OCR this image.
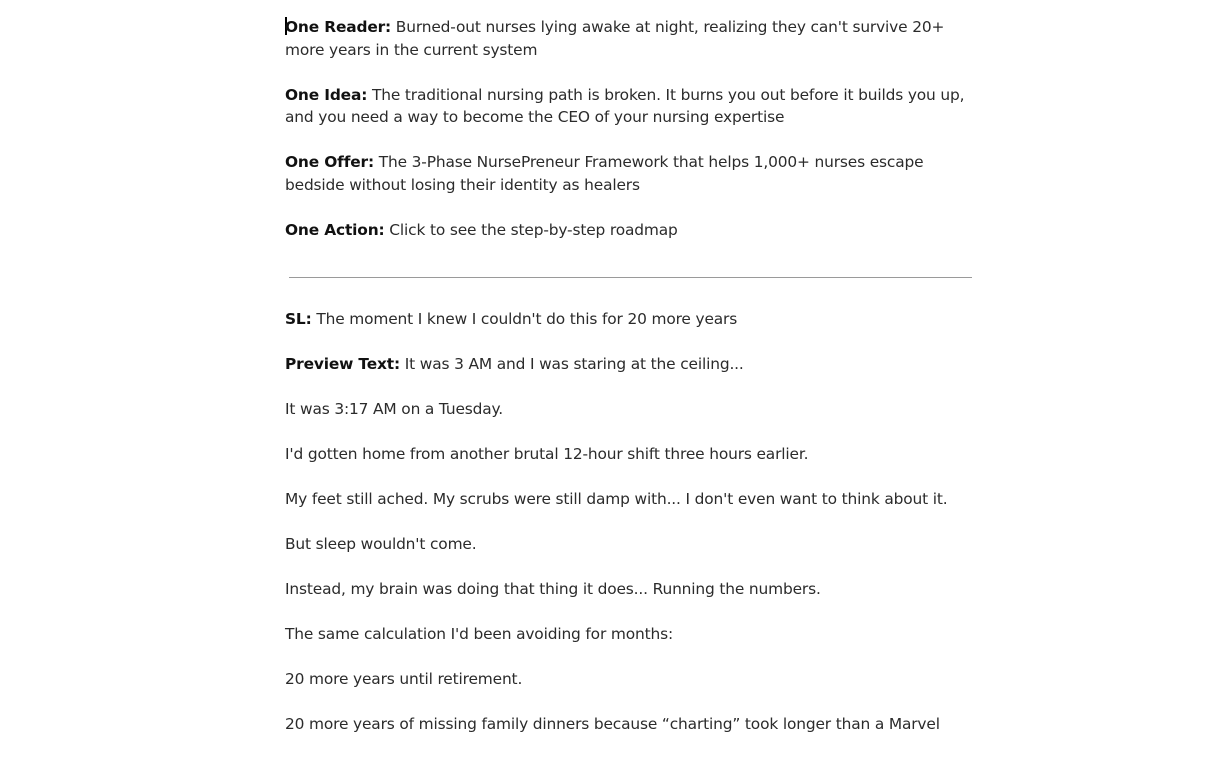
One Reader: Burned-out nurses lying awake at night, realizing they can't survive 20+ more years in the current system

One Idea: The traditional nursing path is broken. It burns you out before it builds you up, and you need a way to become the CEO of your nursing expertise

One Offer: The 3-Phase NursePreneur Framework that helps 1,000+ nurses escape bedside without losing their identity as healers

One Action: Click to see the step-by-step roadmap

SL: The moment I knew I couldn't do this for 20 more years

Preview Text: It was 3 AM and I was staring at the ceiling...

It was 3:17 AM on a Tuesday.

I'd gotten home from another brutal 12-hour shift three hours earlier.

My feet still ached. My scrubs were still damp with... I don't even want to think about it.

But sleep wouldn't come.

Instead, my brain was doing that thing it does... Running the numbers.

The same calculation I'd been avoiding for months:

20 more years until retirement.

20 more years of missing family dinners because “charting” took longer than a Marvel
